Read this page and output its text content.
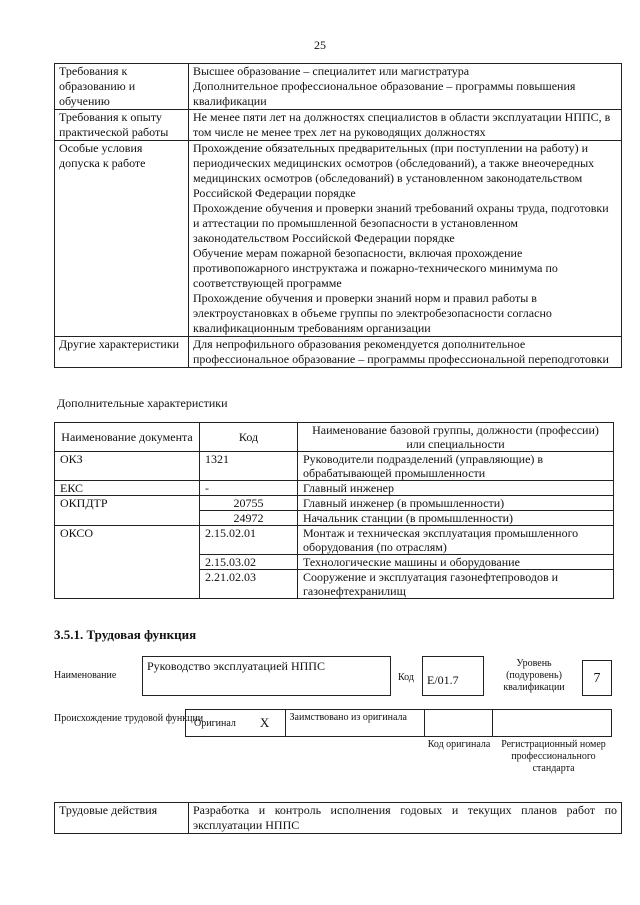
25
Требования к образованию и обучению	Высшее образование – специалитет или магистратура
Дополнительное профессиональное образование – программы повышения квалификации

Требования к опыту практической работы	Не менее пяти лет на должностях специалистов в области эксплуатации НППС, в том числе не менее трех лет на руководящих должностях

Особые условия допуска к работе	Прохождение обязательных предварительных (при поступлении на работу) и периодических медицинских осмотров (обследований), а также внеочередных медицинских осмотров (обследований) в установленном законодательством Российской Федерации порядке
Прохождение обучения и проверки знаний требований охраны труда, подготовки и аттестации по промышленной безопасности в установленном законодательством Российской Федерации порядке
Обучение мерам пожарной безопасности, включая прохождение противопожарного инструктажа и пожарно-технического минимума по соответствующей программе
Прохождение обучения и проверки знаний норм и правил работы в электроустановках в объеме группы по электробезопасности согласно квалификационным требованиям организации

Другие характеристики	Для непрофильного образования рекомендуется дополнительное профессиональное образование – программы профессиональной переподготовки
Дополнительные характеристики
Наименование документа	Код	Наименование базовой группы, должности (профессии) или специальности
ОКЗ	1321	Руководители подразделений (управляющие) в обрабатывающей промышленности
ЕКС	-	Главный инженер
ОКПДТР	20755	Главный инженер (в промышленности)
	24972	Начальник станции (в промышленности)
ОКСО	2.15.02.01	Монтаж и техническая эксплуатация промышленного оборудования (по отраслям)
	2.15.03.02	Технологические машины и оборудование
	2.21.02.03	Сооружение и эксплуатация газонефтепроводов и газонефтехранилищ
3.5.1. Трудовая функция
Наименование
Руководство эксплуатацией НППС
Код	E/01.7
Уровень (подуровень) квалификации
7
Происхождение трудовой функции
Оригинал X	Заимствовано из оригинала
Код оригинала	Регистрационный номер профессионального стандарта
Трудовые действия	Разработка и контроль исполнения годовых и текущих планов работ по эксплуатации НППС
